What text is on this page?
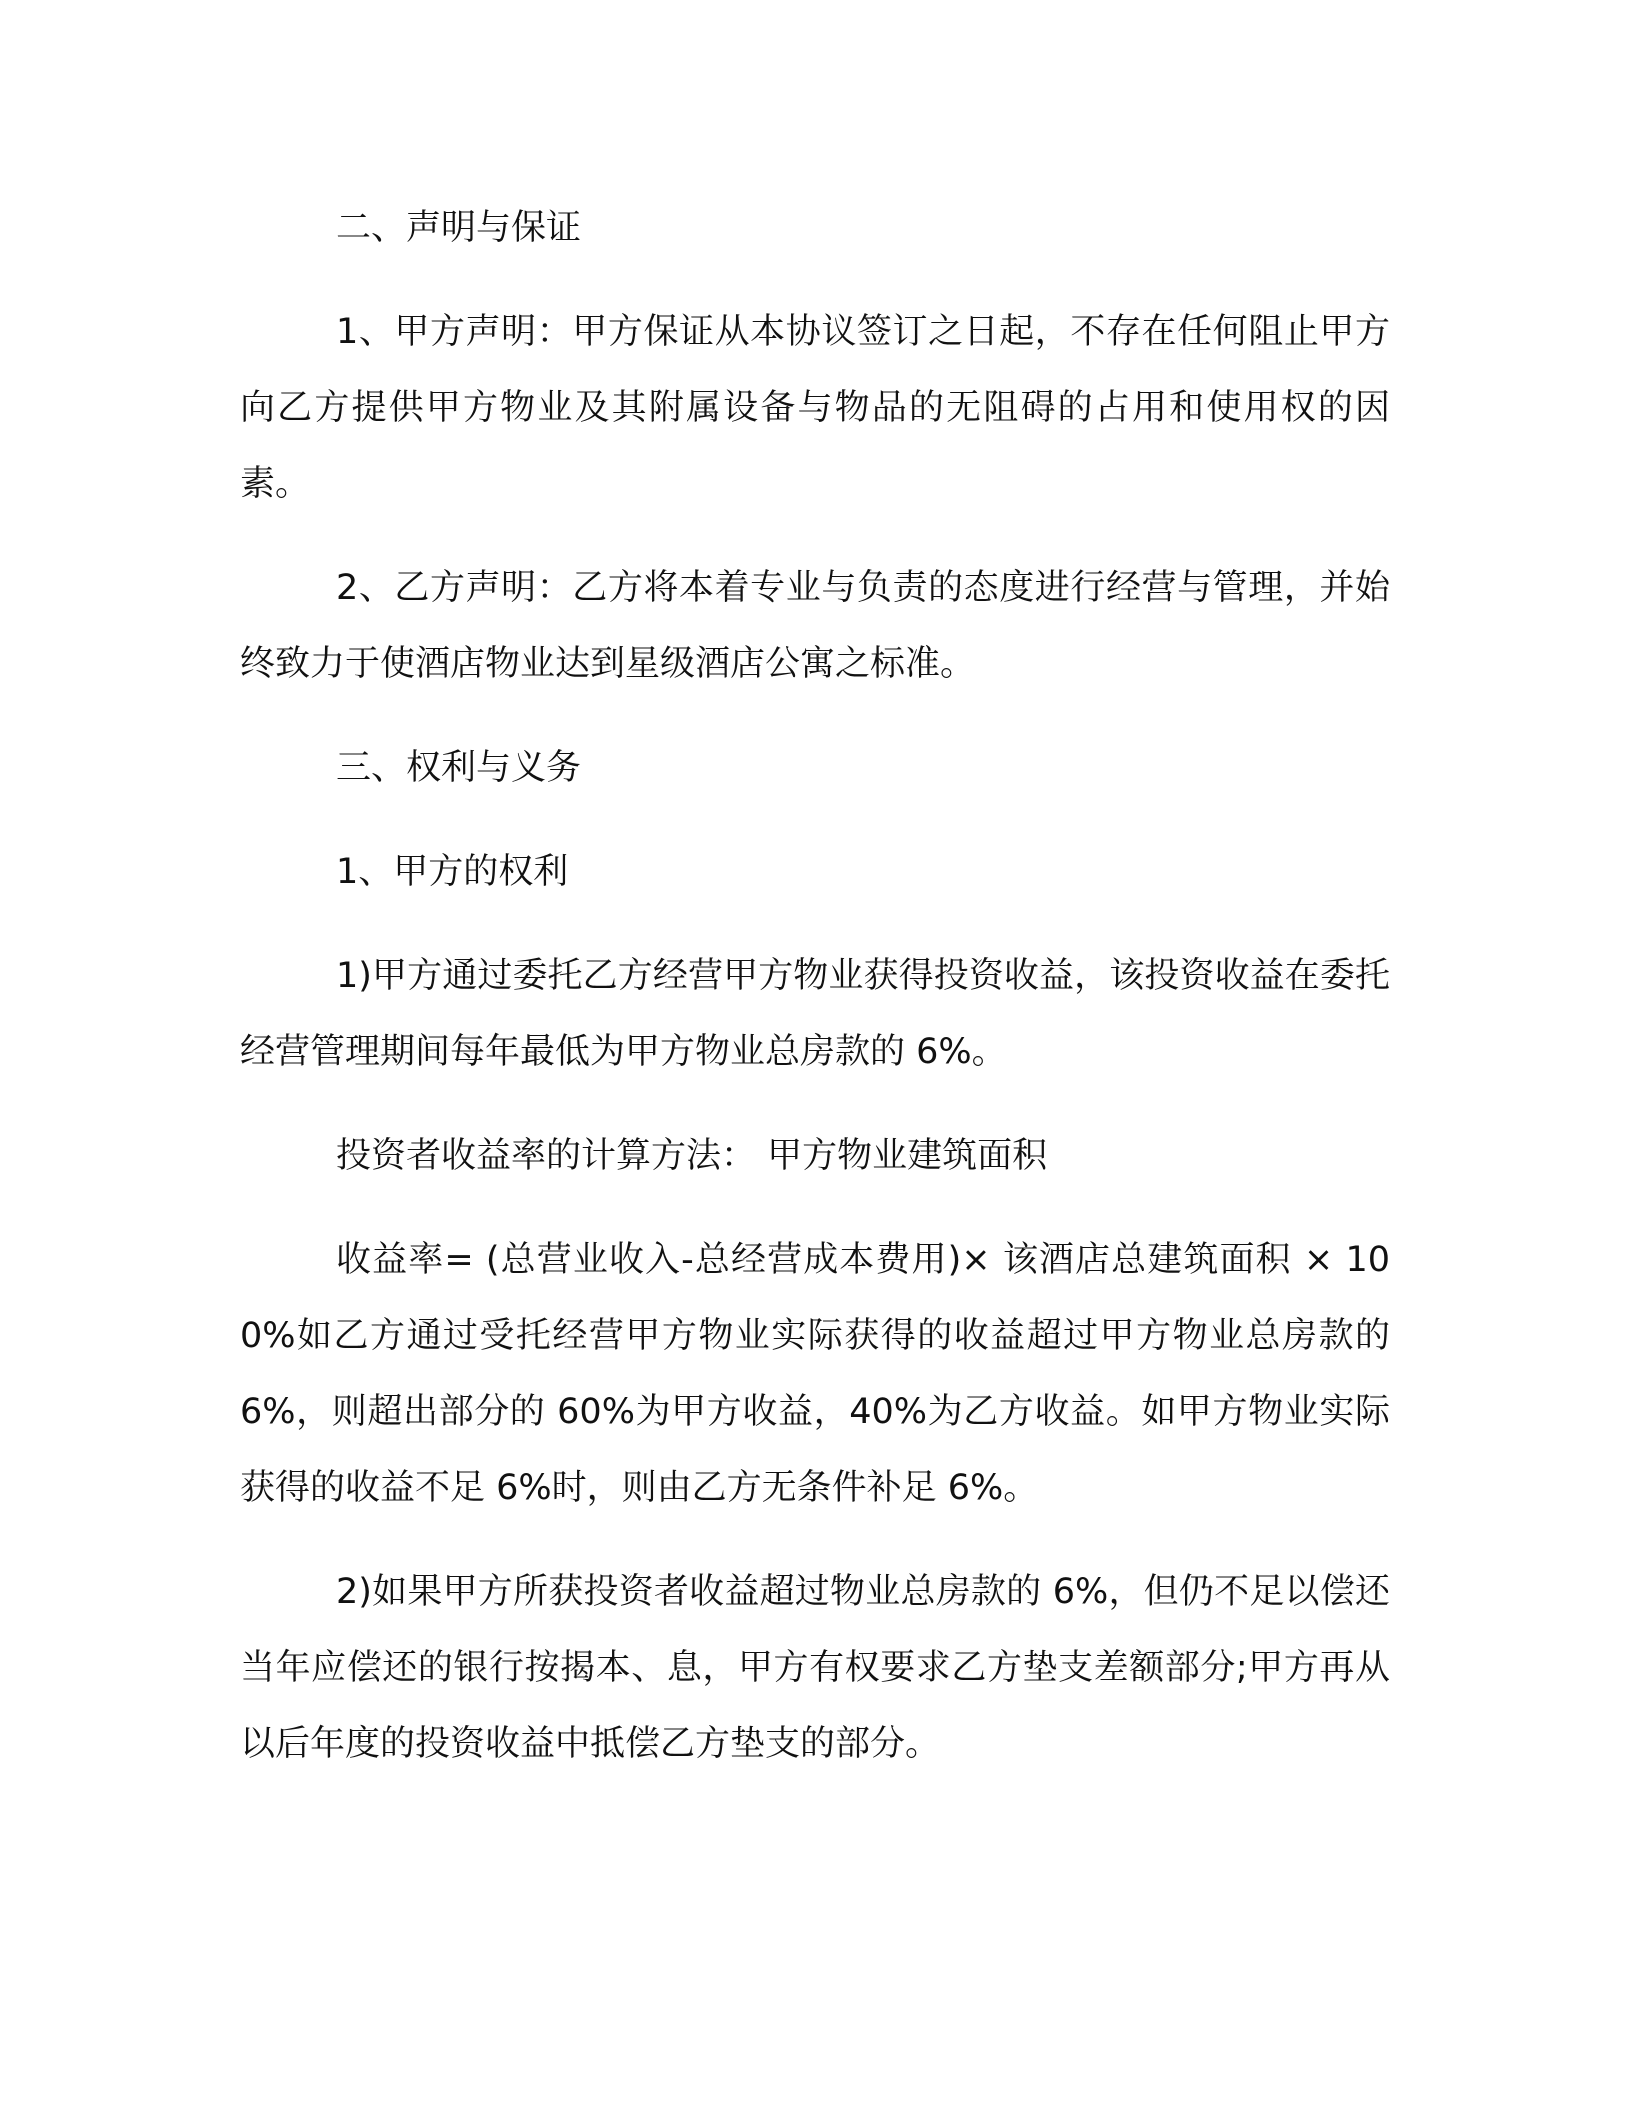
二、声明与保证

1、甲方声明：甲方保证从本协议签订之日起，不存在任何阻止甲方向乙方提供甲方物业及其附属设备与物品的无阻碍的占用和使用权的因素。

2、乙方声明：乙方将本着专业与负责的态度进行经营与管理，并始终致力于使酒店物业达到星级酒店公寓之标准。

三、权利与义务

1、甲方的权利

1)甲方通过委托乙方经营甲方物业获得投资收益，该投资收益在委托经营管理期间每年最低为甲方物业总房款的 6%。

投资者收益率的计算方法： 甲方物业建筑面积

收益率= (总营业收入-总经营成本费用)× 该酒店总建筑面积 × 100%如乙方通过受托经营甲方物业实际获得的收益超过甲方物业总房款的 6%，则超出部分的 60%为甲方收益，40%为乙方收益。如甲方物业实际获得的收益不足 6%时，则由乙方无条件补足 6%。

2)如果甲方所获投资者收益超过物业总房款的 6%，但仍不足以偿还当年应偿还的银行按揭本、息，甲方有权要求乙方垫支差额部分;甲方再从以后年度的投资收益中抵偿乙方垫支的部分。
